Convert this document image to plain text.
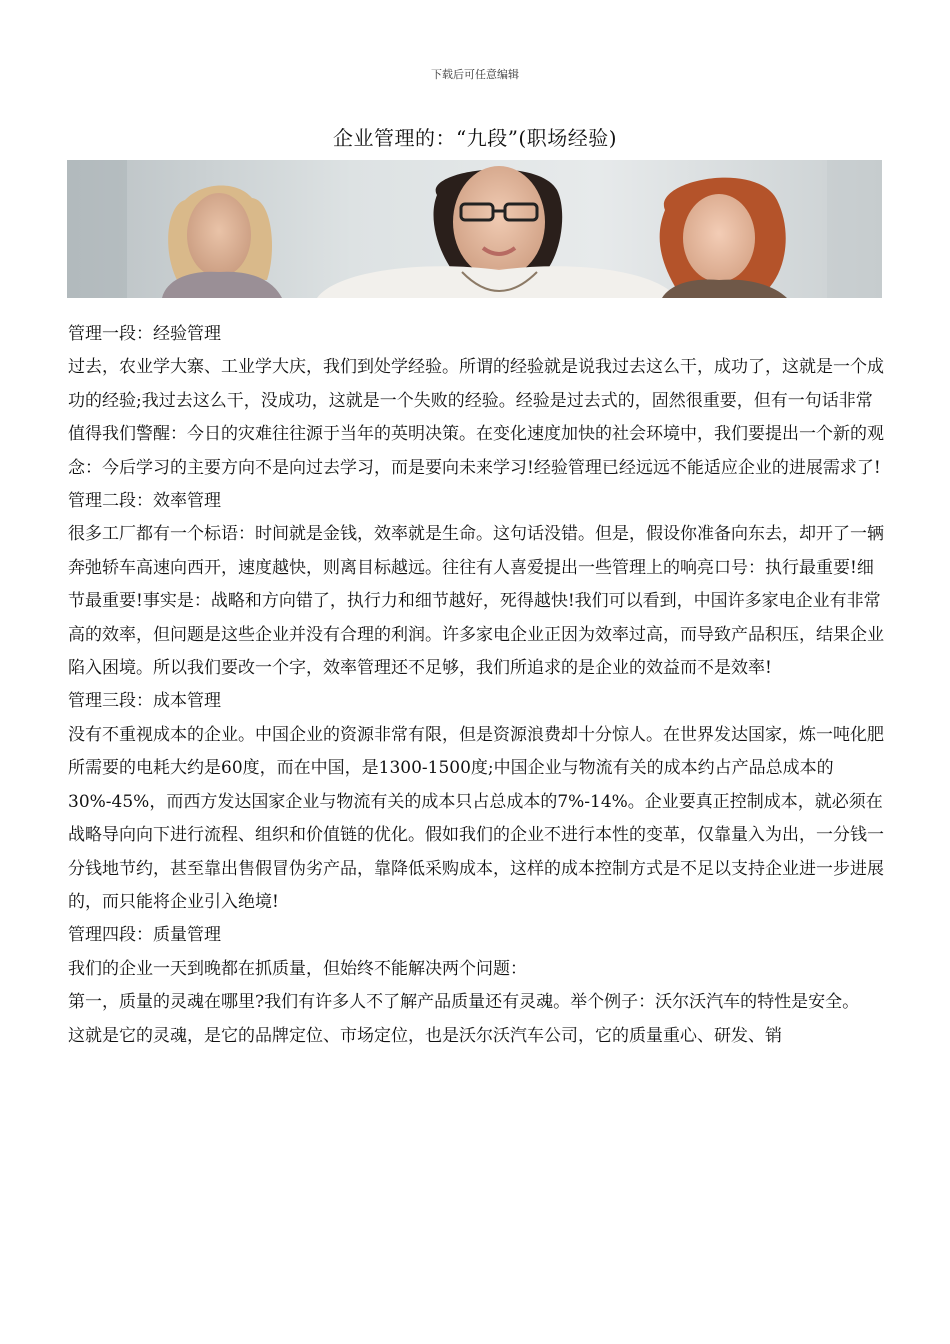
下载后可任意编辑
企业管理的：“九段”(职场经验)

管理一段：经验管理

过去，农业学大寨、工业学大庆，我们到处学经验。所谓的经验就是说我过去这么干，成功了，这就是一个成功的经验;我过去这么干，没成功，这就是一个失败的经验。经验是过去式的，固然很重要，但有一句话非常值得我们警醒：今日的灾难往往源于当年的英明决策。在变化速度加快的社会环境中，我们要提出一个新的观念：今后学习的主要方向不是向过去学习，而是要向未来学习!经验管理已经远远不能适应企业的进展需求了!

管理二段：效率管理

很多工厂都有一个标语：时间就是金钱，效率就是生命。这句话没错。但是，假设你准备向东去，却开了一辆奔弛轿车高速向西开，速度越快，则离目标越远。往往有人喜爱提出一些管理上的响亮口号：执行最重要!细节最重要!事实是：战略和方向错了，执行力和细节越好，死得越快!我们可以看到，中国许多家电企业有非常高的效率，但问题是这些企业并没有合理的利润。许多家电企业正因为效率过高，而导致产品积压，结果企业陷入困境。所以我们要改一个字，效率管理还不足够，我们所追求的是企业的效益而不是效率!

管理三段：成本管理

没有不重视成本的企业。中国企业的资源非常有限，但是资源浪费却十分惊人。在世界发达国家，炼一吨化肥所需要的电耗大约是60度，而在中国，是1300-1500度;中国企业与物流有关的成本约占产品总成本的30%-45%，而西方发达国家企业与物流有关的成本只占总成本的7%-14%。企业要真正控制成本，就必须在战略导向向下进行流程、组织和价值链的优化。假如我们的企业不进行本性的变革，仅靠量入为出，一分钱一分钱地节约，甚至靠出售假冒伪劣产品，靠降低采购成本，这样的成本控制方式是不足以支持企业进一步进展的，而只能将企业引入绝境!

管理四段：质量管理

我们的企业一天到晚都在抓质量，但始终不能解决两个问题：

第一，质量的灵魂在哪里?我们有许多人不了解产品质量还有灵魂。举个例子：沃尔沃汽车的特性是安全。

这就是它的灵魂，是它的品牌定位、市场定位，也是沃尔沃汽车公司，它的质量重心、研发、销
